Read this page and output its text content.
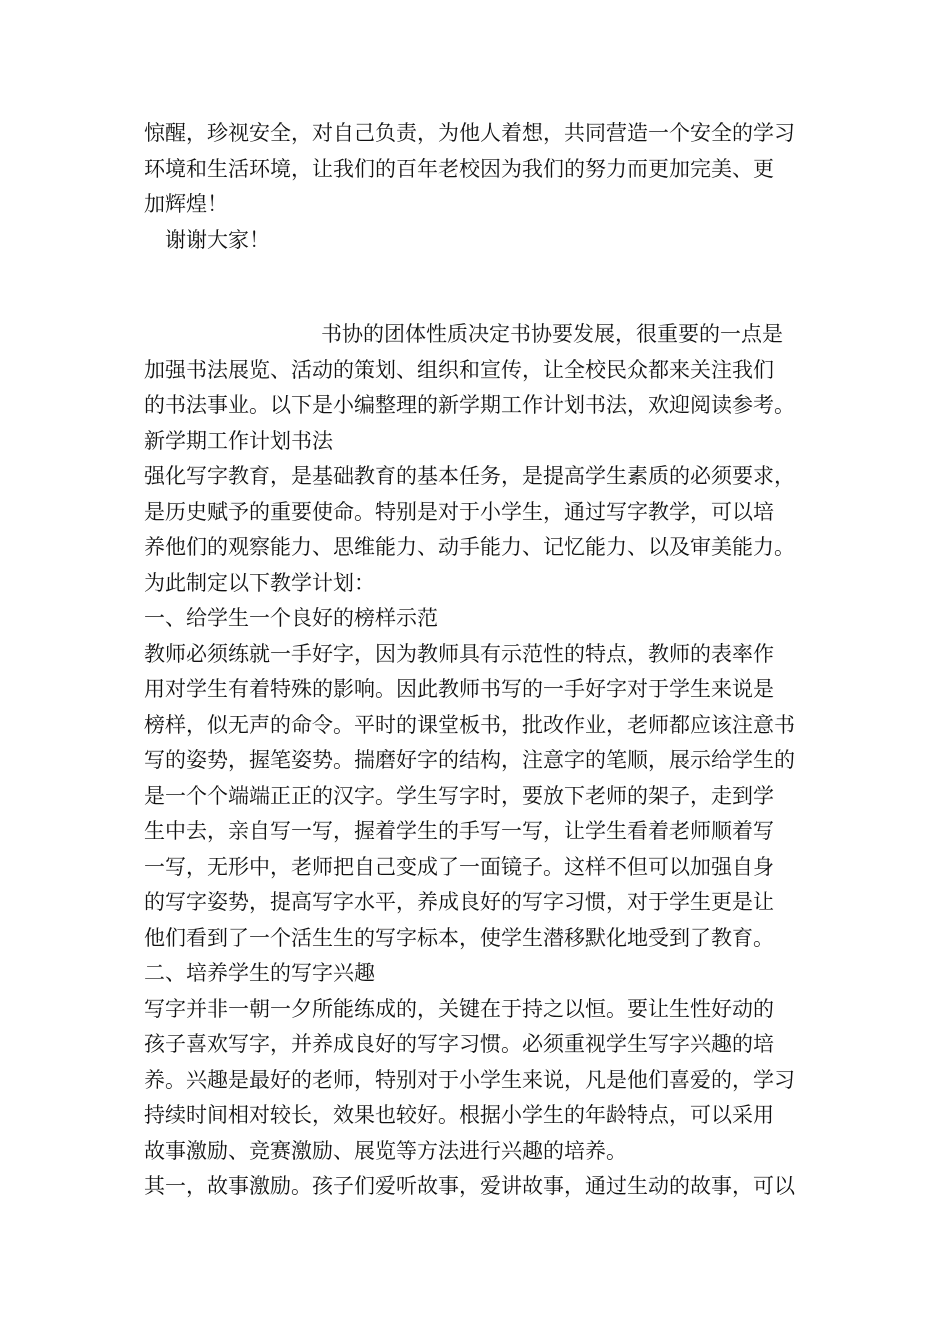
惊醒，珍视安全，对自己负责，为他人着想，共同营造一个安全的学习
环境和生活环境，让我们的百年老校因为我们的努力而更加完美、更
加辉煌！
谢谢大家！
书协的团体性质决定书协要发展，很重要的一点是
加强书法展览、活动的策划、组织和宣传，让全校民众都来关注我们
的书法事业。以下是小编整理的新学期工作计划书法，欢迎阅读参考。
新学期工作计划书法
强化写字教育，是基础教育的基本任务，是提高学生素质的必须要求，
是历史赋予的重要使命。特别是对于小学生，通过写字教学，可以培
养他们的观察能力、思维能力、动手能力、记忆能力、以及审美能力。
为此制定以下教学计划：
一、给学生一个良好的榜样示范
教师必须练就一手好字，因为教师具有示范性的特点，教师的表率作
用对学生有着特殊的影响。因此教师书写的一手好字对于学生来说是
榜样，似无声的命令。平时的课堂板书，批改作业，老师都应该注意书
写的姿势，握笔姿势。揣磨好字的结构，注意字的笔顺，展示给学生的
是一个个端端正正的汉字。学生写字时，要放下老师的架子，走到学
生中去，亲自写一写，握着学生的手写一写，让学生看着老师顺着写
一写，无形中，老师把自己变成了一面镜子。这样不但可以加强自身
的写字姿势，提高写字水平，养成良好的写字习惯，对于学生更是让
他们看到了一个活生生的写字标本，使学生潜移默化地受到了教育。
二、培养学生的写字兴趣
写字并非一朝一夕所能练成的，关键在于持之以恒。要让生性好动的
孩子喜欢写字，并养成良好的写字习惯。必须重视学生写字兴趣的培
养。兴趣是最好的老师，特别对于小学生来说，凡是他们喜爱的，学习
持续时间相对较长，效果也较好。根据小学生的年龄特点，可以采用
故事激励、竞赛激励、展览等方法进行兴趣的培养。
其一，故事激励。孩子们爱听故事，爱讲故事，通过生动的故事，可以
